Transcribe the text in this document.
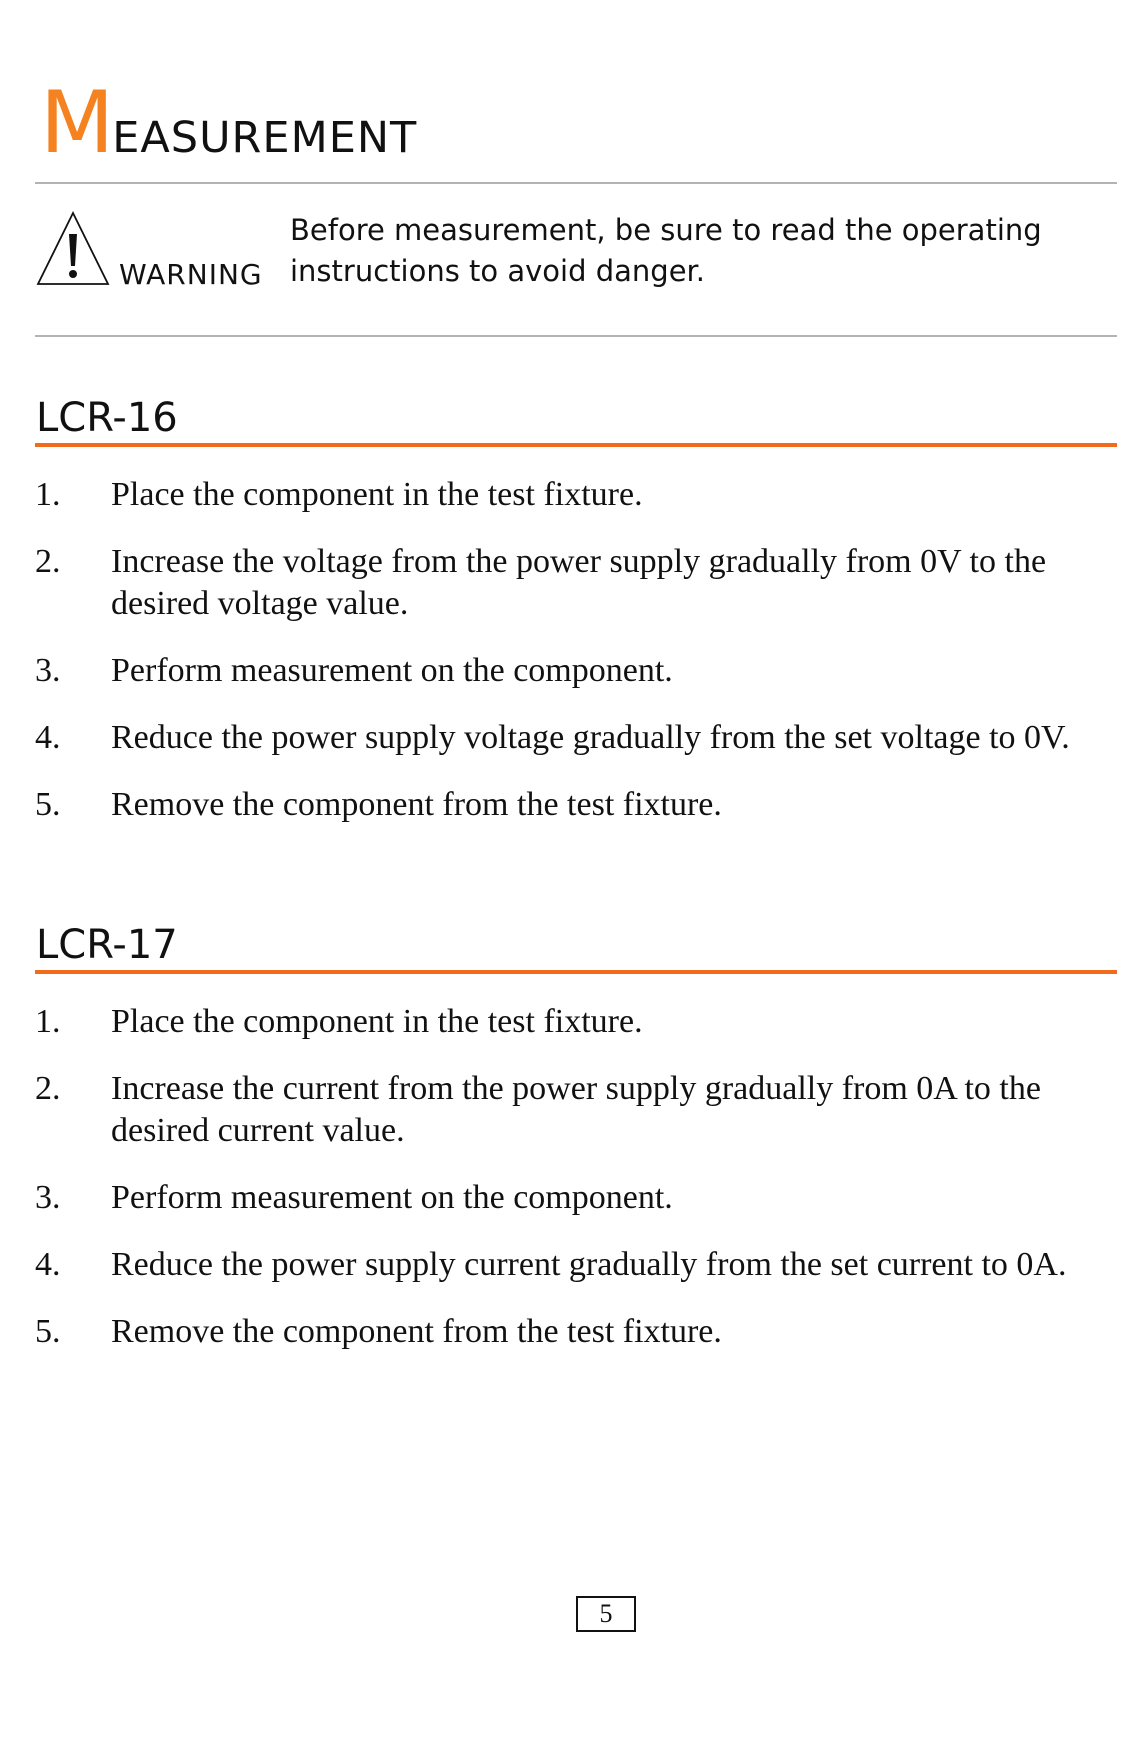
MEASUREMENT
WARNING
Before measurement, be sure to read the operating
instructions to avoid danger.
LCR-16
1. Place the component in the test fixture.
2. Increase the voltage from the power supply gradually from 0V to the desired voltage value.
3. Perform measurement on the component.
4. Reduce the power supply voltage gradually from the set voltage to 0V.
5. Remove the component from the test fixture.
LCR-17
1. Place the component in the test fixture.
2. Increase the current from the power supply gradually from 0A to the desired current value.
3. Perform measurement on the component.
4. Reduce the power supply current gradually from the set current to 0A.
5. Remove the component from the test fixture.
5
